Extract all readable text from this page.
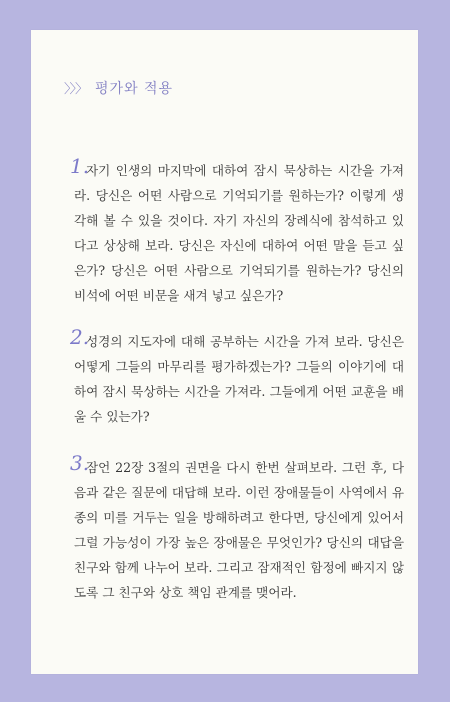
〉〉〉 평가와 적용
1.
자기 인생의 마지막에 대하여 잠시 묵상하는 시간을 가져라. 당신은 어떤 사람으로 기억되기를 원하는가? 이렇게 생각해 볼 수 있을 것이다. 자기 자신의 장례식에 참석하고 있다고 상상해 보라. 당신은 자신에 대하여 어떤 말을 듣고 싶은가? 당신은 어떤 사람으로 기억되기를 원하는가? 당신의 비석에 어떤 비문을 새겨 넣고 싶은가?
2.
성경의 지도자에 대해 공부하는 시간을 가져 보라. 당신은 어떻게 그들의 마무리를 평가하겠는가? 그들의 이야기에 대하여 잠시 묵상하는 시간을 가져라. 그들에게 어떤 교훈을 배울 수 있는가?
3.
잠언 22장 3절의 권면을 다시 한번 살펴보라. 그런 후, 다음과 같은 질문에 대답해 보라. 이런 장애물들이 사역에서 유종의 미를 거두는 일을 방해하려고 한다면, 당신에게 있어서 그럴 가능성이 가장 높은 장애물은 무엇인가? 당신의 대답을 친구와 함께 나누어 보라. 그리고 잠재적인 함정에 빠지지 않도록 그 친구와 상호 책임 관계를 맺어라.
